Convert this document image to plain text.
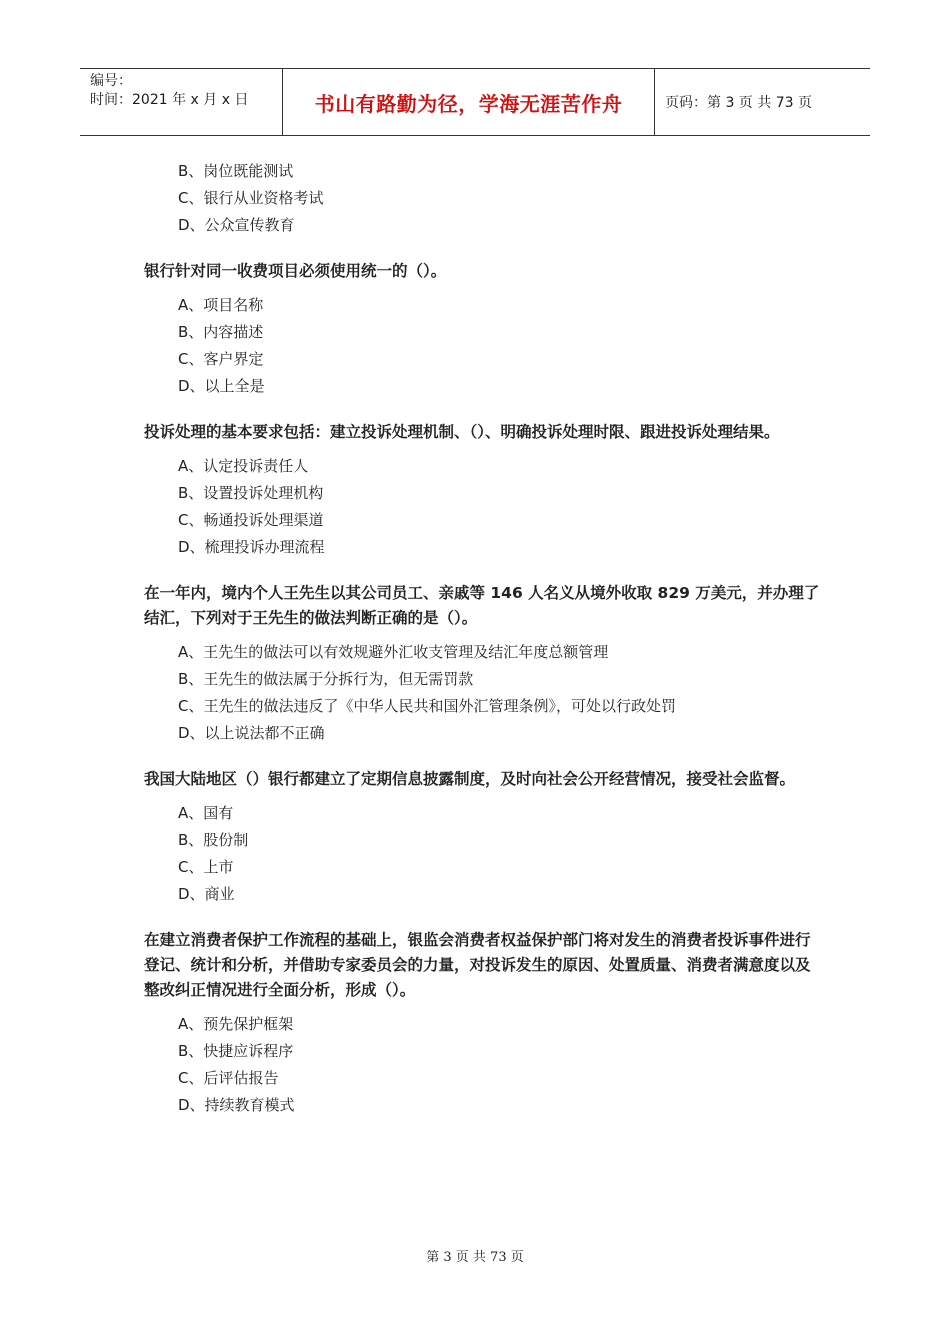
编号：
时间：2021 年 x 月 x 日	书山有路勤为径，学海无涯苦作舟	页码：第 3 页 共 73 页
B、岗位既能测试
C、银行从业资格考试
D、公众宣传教育

银行针对同一收费项目必须使用统一的（）。

A、项目名称
B、内容描述
C、客户界定
D、以上全是

投诉处理的基本要求包括：建立投诉处理机制、（）、明确投诉处理时限、跟进投诉处理结果。

A、认定投诉责任人
B、设置投诉处理机构
C、畅通投诉处理渠道
D、梳理投诉办理流程

在一年内，境内个人王先生以其公司员工、亲戚等 146 人名义从境外收取 829 万美元，并办理了结汇，下列对于王先生的做法判断正确的是（）。

A、王先生的做法可以有效规避外汇收支管理及结汇年度总额管理
B、王先生的做法属于分拆行为，但无需罚款
C、王先生的做法违反了《中华人民共和国外汇管理条例》，可处以行政处罚
D、以上说法都不正确

我国大陆地区（）银行都建立了定期信息披露制度，及时向社会公开经营情况，接受社会监督。

A、国有
B、股份制
C、上市
D、商业

在建立消费者保护工作流程的基础上，银监会消费者权益保护部门将对发生的消费者投诉事件进行登记、统计和分析，并借助专家委员会的力量，对投诉发生的原因、处置质量、消费者满意度以及整改纠正情况进行全面分析，形成（）。

A、预先保护框架
B、快捷应诉程序
C、后评估报告
D、持续教育模式
第 3 页 共 73 页
